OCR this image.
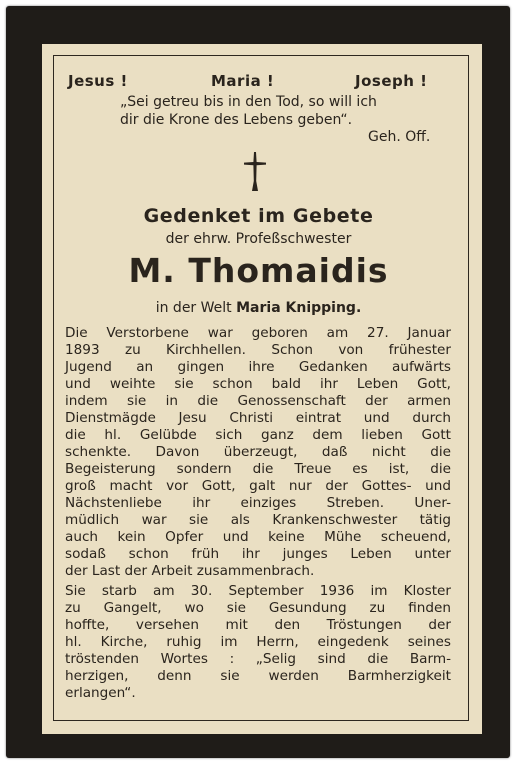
Jesus !	Maria !	Joseph !
„Sei getreu bis in den Tod, so will ich
dir die Krone des Lebens geben“.
Geh. Off.
Gedenket im Gebete
der ehrw. Profeßschwester
M. Thomaidis
in der Welt Maria Knipping.
Die Verstorbene war geboren am 27. Januar
1893 zu Kirchhellen. Schon von frühester
Jugend an gingen ihre Gedanken aufwärts
und weihte sie schon bald ihr Leben Gott,
indem sie in die Genossenschaft der armen
Dienstmägde Jesu Christi eintrat und durch
die hl. Gelübde sich ganz dem lieben Gott
schenkte. Davon überzeugt, daß nicht die
Begeisterung sondern die Treue es ist, die
groß macht vor Gott, galt nur der Gottes- und
Nächstenliebe ihr einziges Streben. Uner-
müdlich war sie als Krankenschwester tätig
auch kein Opfer und keine Mühe scheuend,
sodaß schon früh ihr junges Leben unter
der Last der Arbeit zusammenbrach.
Sie starb am 30. September 1936 im Kloster
zu Gangelt, wo sie Gesundung zu finden
hoffte, versehen mit den Tröstungen der
hl. Kirche, ruhig im Herrn, eingedenk seines
tröstenden Wortes : „Selig sind die Barm-
herzigen, denn sie werden Barmherzigkeit
erlangen“.
